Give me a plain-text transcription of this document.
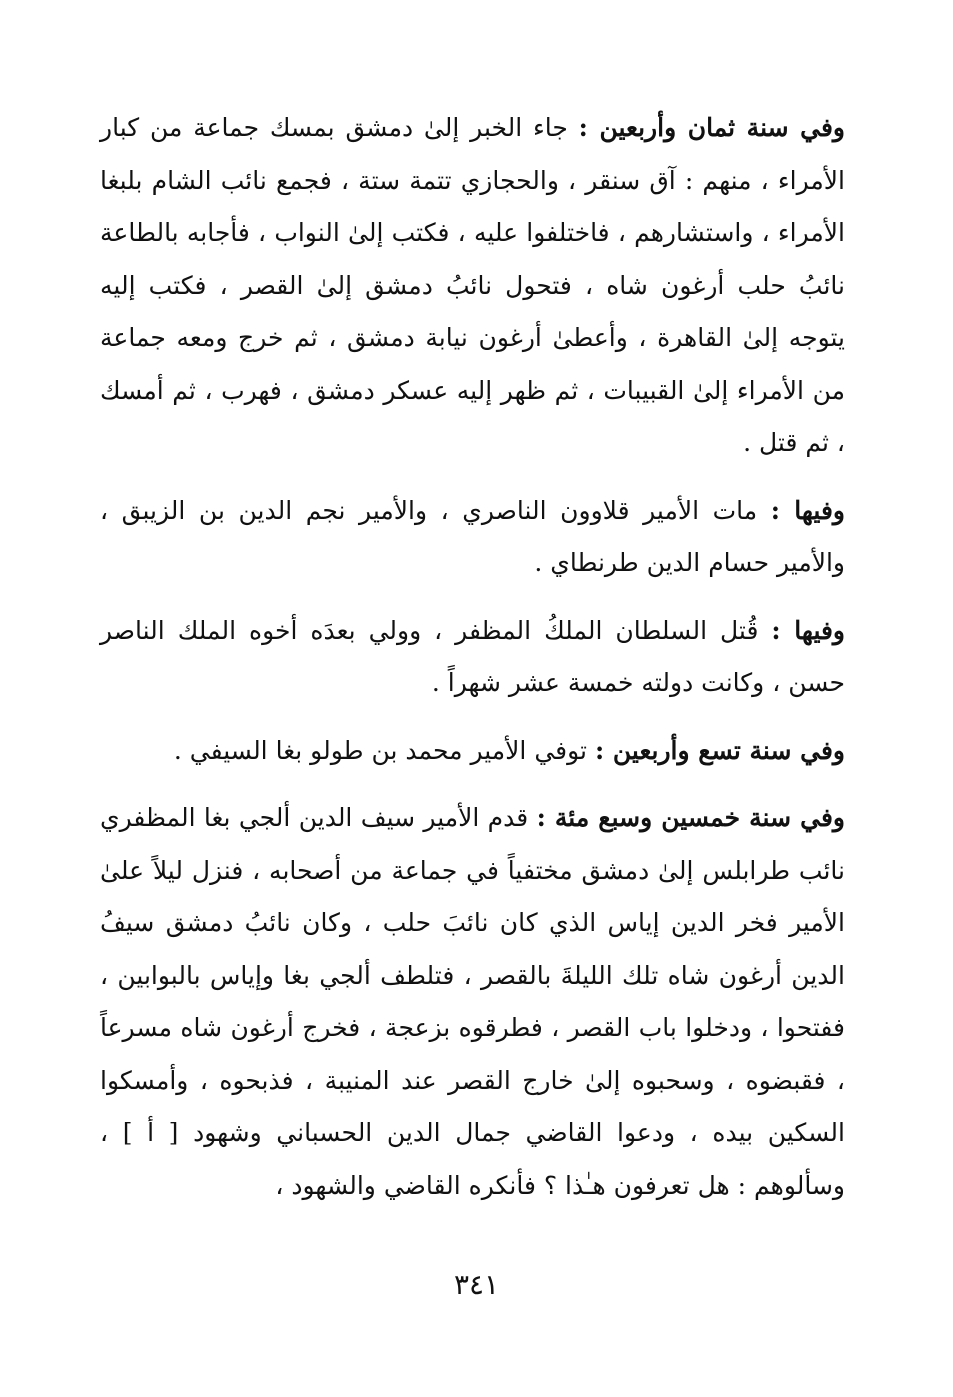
وفي سنة ثمان وأربعين : جاء الخبر إلىٰ دمشق بمسك جماعة من كبار الأمراء ، منهم : آق سنقر ، والحجازي تتمة ستة ، فجمع نائب الشام بلبغا الأمراء ، واستشارهم ، فاختلفوا عليه ، فكتب إلىٰ النواب ، فأجابه بالطاعة نائبُ حلب أرغون شاه ، فتحول نائبُ دمشق إلىٰ القصر ، فكتب إليه يتوجه إلىٰ القاهرة ، وأعطىٰ أرغون نيابة دمشق ، ثم خرج ومعه جماعة من الأمراء إلىٰ القبيبات ، ثم ظهر إليه عسكر دمشق ، فهرب ، ثم أمسك ، ثم قتل .

وفيها : مات الأمير قلاوون الناصري ، والأمير نجم الدين بن الزيبق ، والأمير حسام الدين طرنطاي .

وفيها : قُتل السلطان الملكُ المظفر ، وولي بعدَه أخوه الملك الناصر حسن ، وكانت دولته خمسة عشر شهراً .

وفي سنة تسع وأربعين : توفي الأمير محمد بن طولو بغا السيفي .

وفي سنة خمسين وسبع مئة : قدم الأمير سيف الدين ألجي بغا المظفري نائب طرابلس إلىٰ دمشق مختفياً في جماعة من أصحابه ، فنزل ليلاً علىٰ الأمير فخر الدين إياس الذي كان نائبَ حلب ، وكان نائبُ دمشق سيفُ الدين أرغون شاه تلك الليلةَ بالقصر ، فتلطف ألجي بغا وإياس بالبوابين ، ففتحوا ، ودخلوا باب القصر ، فطرقوه بزعجة ، فخرج أرغون شاه مسرعاً ، فقبضوه ، وسحبوه إلىٰ خارج القصر عند المنيبة ، فذبحوه ، وأمسكوا السكين بيده ، ودعوا القاضي جمال الدين الحسباني وشهود [ أ ] ، وسألوهم : هل تعرفون هـٰذا ؟ فأنكره القاضي والشهود ،

٣٤١
